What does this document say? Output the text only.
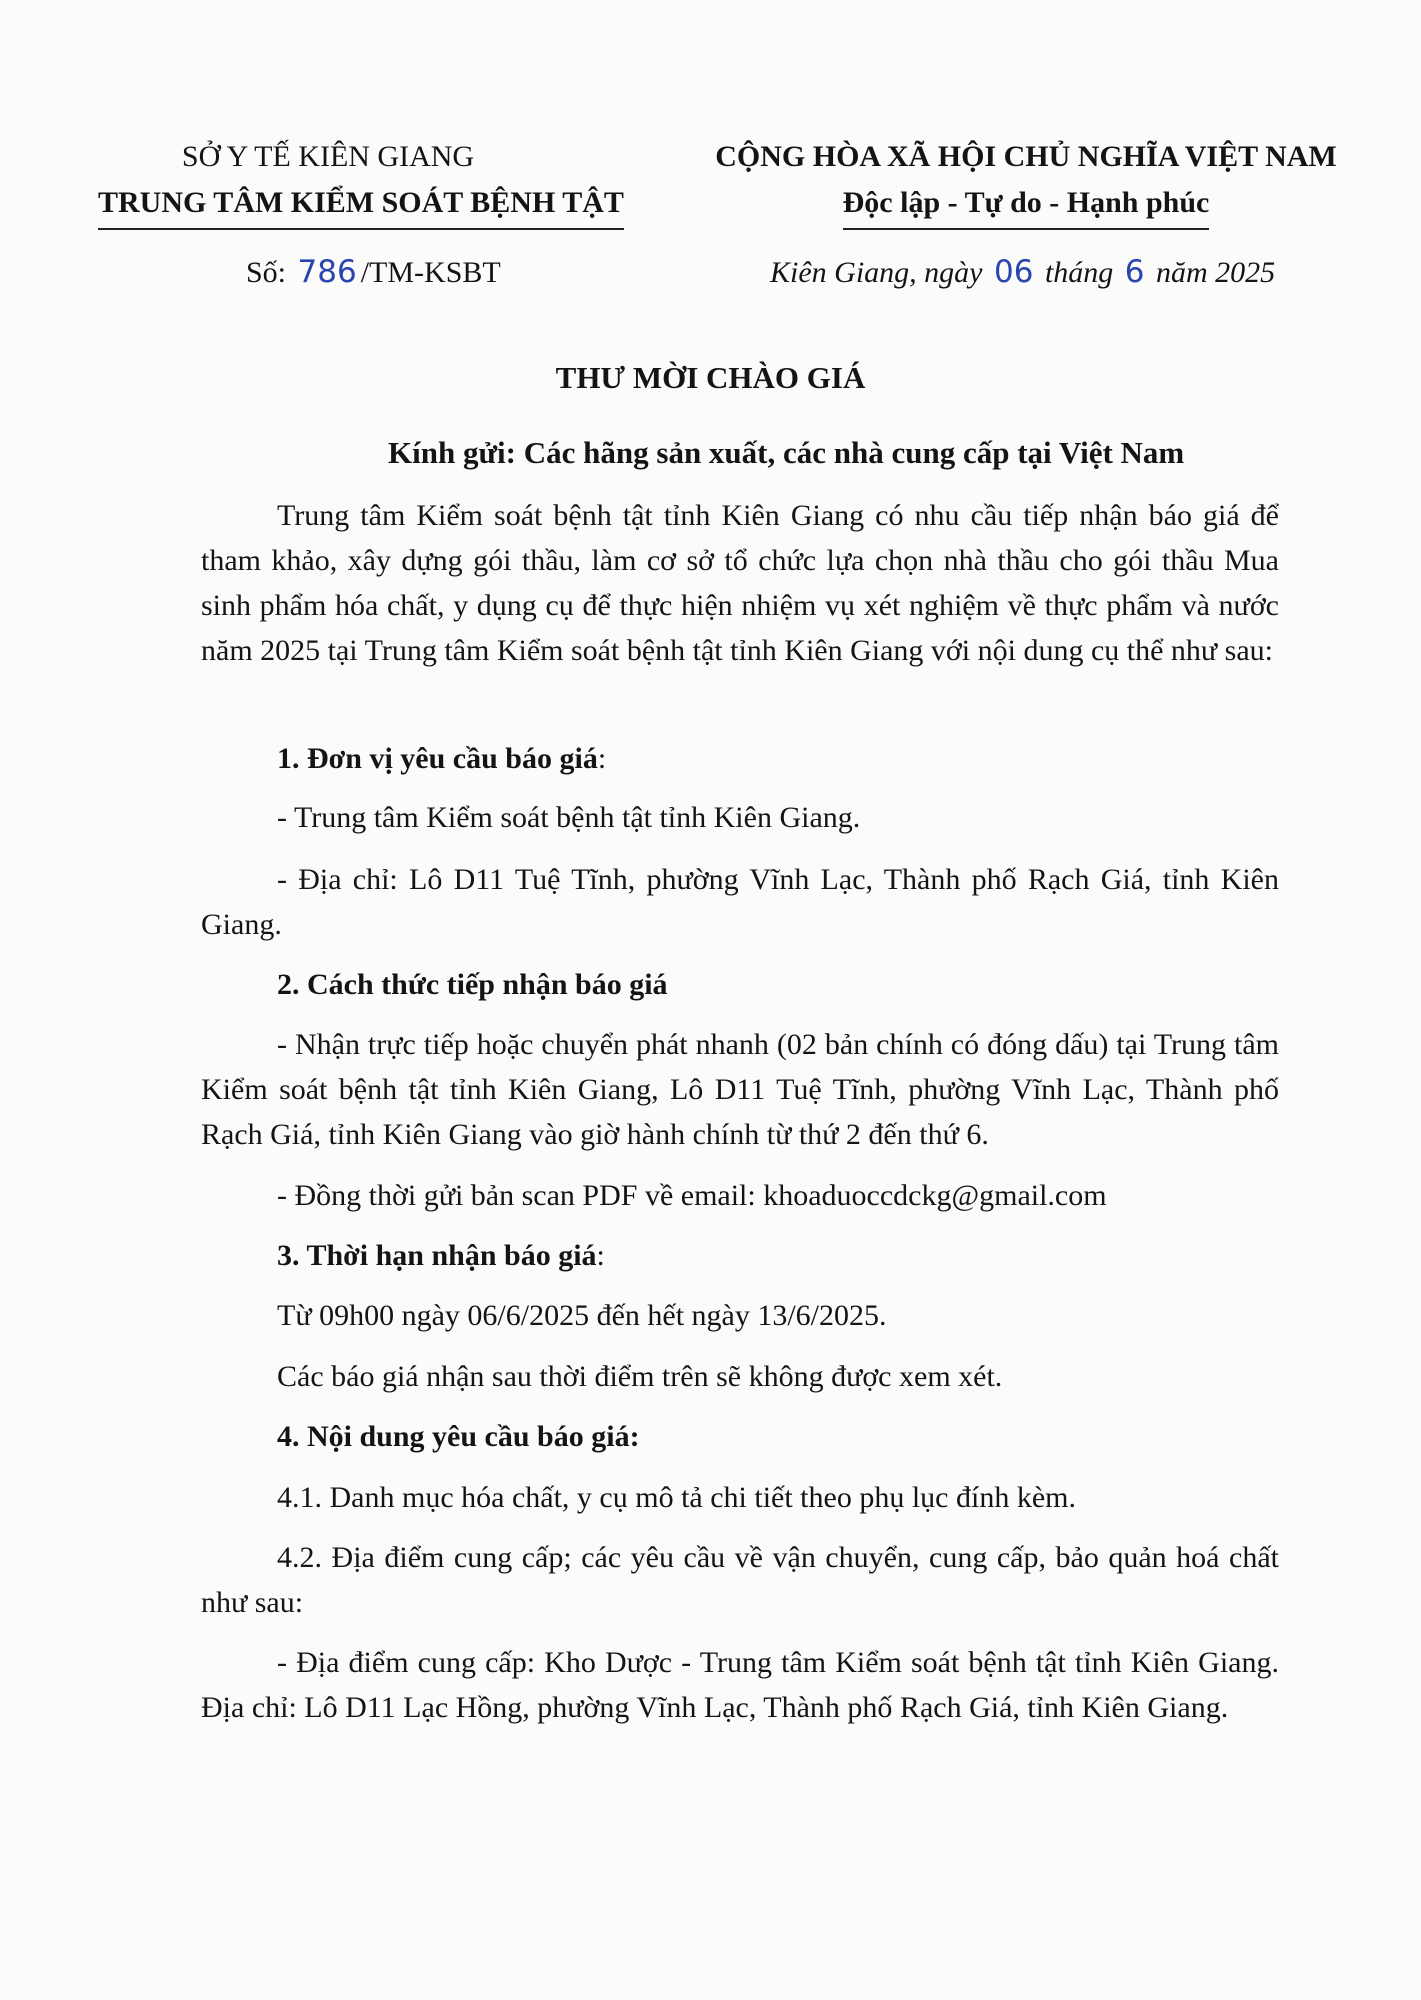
SỞ Y TẾ KIÊN GIANG
TRUNG TÂM KIỂM SOÁT BỆNH TẬT
CỘNG HÒA XÃ HỘI CHỦ NGHĨA VIỆT NAM
Độc lập - Tự do - Hạnh phúc
Số: 786 /TM-KSBT	Kiên Giang, ngày 06 tháng 6 năm 2025
THƯ MỜI CHÀO GIÁ
Kính gửi: Các hãng sản xuất, các nhà cung cấp tại Việt Nam
Trung tâm Kiểm soát bệnh tật tỉnh Kiên Giang có nhu cầu tiếp nhận báo giá để tham khảo, xây dựng gói thầu, làm cơ sở tổ chức lựa chọn nhà thầu cho gói thầu Mua sinh phẩm hóa chất, y dụng cụ để thực hiện nhiệm vụ xét nghiệm về thực phẩm và nước năm 2025 tại Trung tâm Kiểm soát bệnh tật tỉnh Kiên Giang với nội dung cụ thể như sau:
1. Đơn vị yêu cầu báo giá:
- Trung tâm Kiểm soát bệnh tật tỉnh Kiên Giang.
- Địa chỉ: Lô D11 Tuệ Tĩnh, phường Vĩnh Lạc, Thành phố Rạch Giá, tỉnh Kiên Giang.
2. Cách thức tiếp nhận báo giá
- Nhận trực tiếp hoặc chuyển phát nhanh (02 bản chính có đóng dấu) tại Trung tâm Kiểm soát bệnh tật tỉnh Kiên Giang, Lô D11 Tuệ Tĩnh, phường Vĩnh Lạc, Thành phố Rạch Giá, tỉnh Kiên Giang vào giờ hành chính từ thứ 2 đến thứ 6.
- Đồng thời gửi bản scan PDF về email: khoaduoccdckg@gmail.com
3. Thời hạn nhận báo giá:
Từ 09h00 ngày 06/6/2025 đến hết ngày 13/6/2025.
Các báo giá nhận sau thời điểm trên sẽ không được xem xét.
4. Nội dung yêu cầu báo giá:
4.1. Danh mục hóa chất, y cụ mô tả chi tiết theo phụ lục đính kèm.
4.2. Địa điểm cung cấp; các yêu cầu về vận chuyển, cung cấp, bảo quản hoá chất như sau:
- Địa điểm cung cấp: Kho Dược - Trung tâm Kiểm soát bệnh tật tỉnh Kiên Giang. Địa chỉ: Lô D11 Lạc Hồng, phường Vĩnh Lạc, Thành phố Rạch Giá, tỉnh Kiên Giang.
